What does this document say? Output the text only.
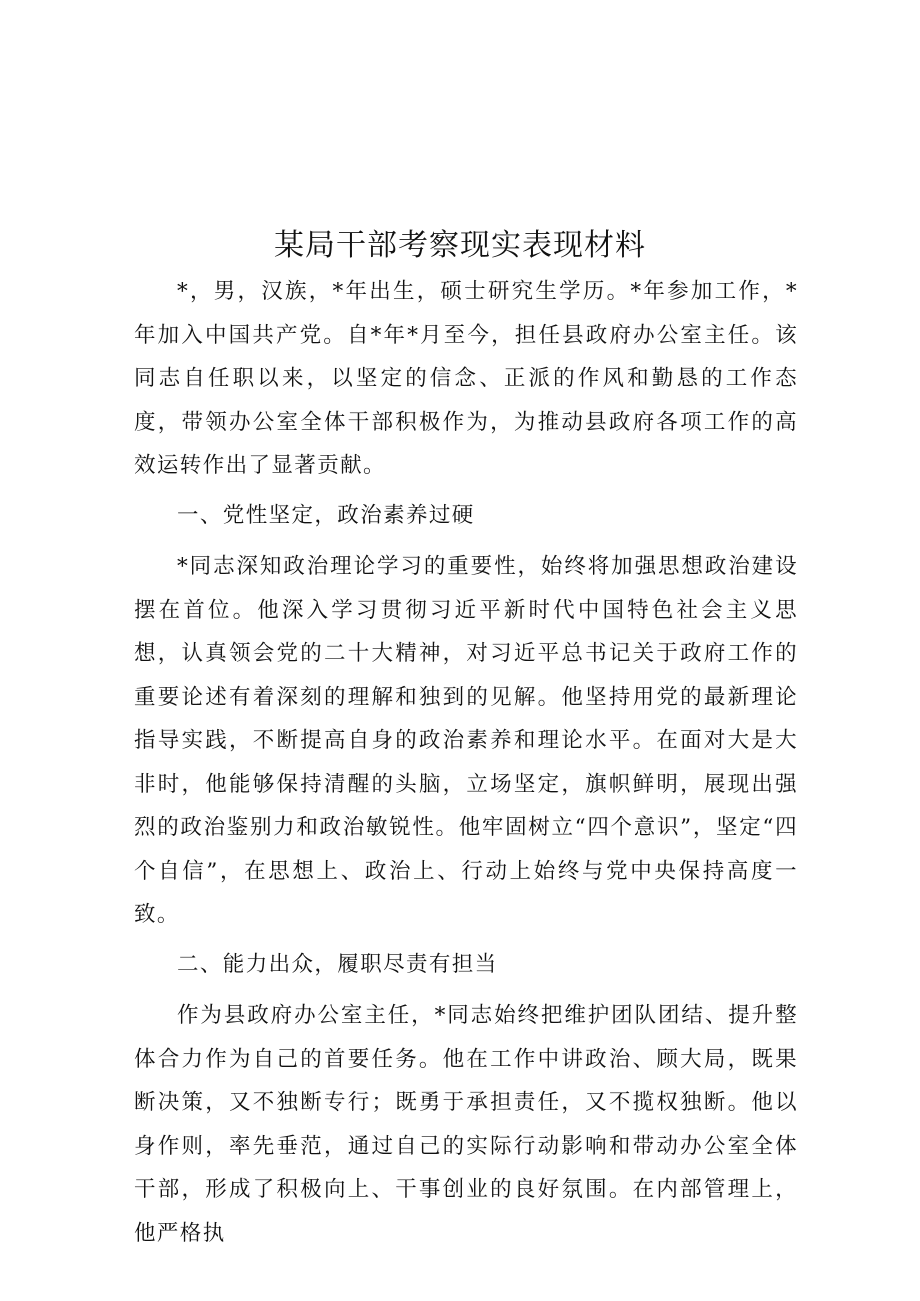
某局干部考察现实表现材料

*，男，汉族，*年出生，硕士研究生学历。*年参加工作，*年加入中国共产党。自*年*月至今，担任县政府办公室主任。该同志自任职以来，以坚定的信念、正派的作风和勤恳的工作态度，带领办公室全体干部积极作为，为推动县政府各项工作的高效运转作出了显著贡献。

一、党性坚定，政治素养过硬

*同志深知政治理论学习的重要性，始终将加强思想政治建设摆在首位。他深入学习贯彻习近平新时代中国特色社会主义思想，认真领会党的二十大精神，对习近平总书记关于政府工作的重要论述有着深刻的理解和独到的见解。他坚持用党的最新理论指导实践，不断提高自身的政治素养和理论水平。在面对大是大非时，他能够保持清醒的头脑，立场坚定，旗帜鲜明，展现出强烈的政治鉴别力和政治敏锐性。他牢固树立“四个意识”，坚定“四个自信”，在思想上、政治上、行动上始终与党中央保持高度一致。

二、能力出众，履职尽责有担当

作为县政府办公室主任，*同志始终把维护团队团结、提升整体合力作为自己的首要任务。他在工作中讲政治、顾大局，既果断决策，又不独断专行；既勇于承担责任，又不揽权独断。他以身作则，率先垂范，通过自己的实际行动影响和带动办公室全体干部，形成了积极向上、干事创业的良好氛围。在内部管理上，他严格执
